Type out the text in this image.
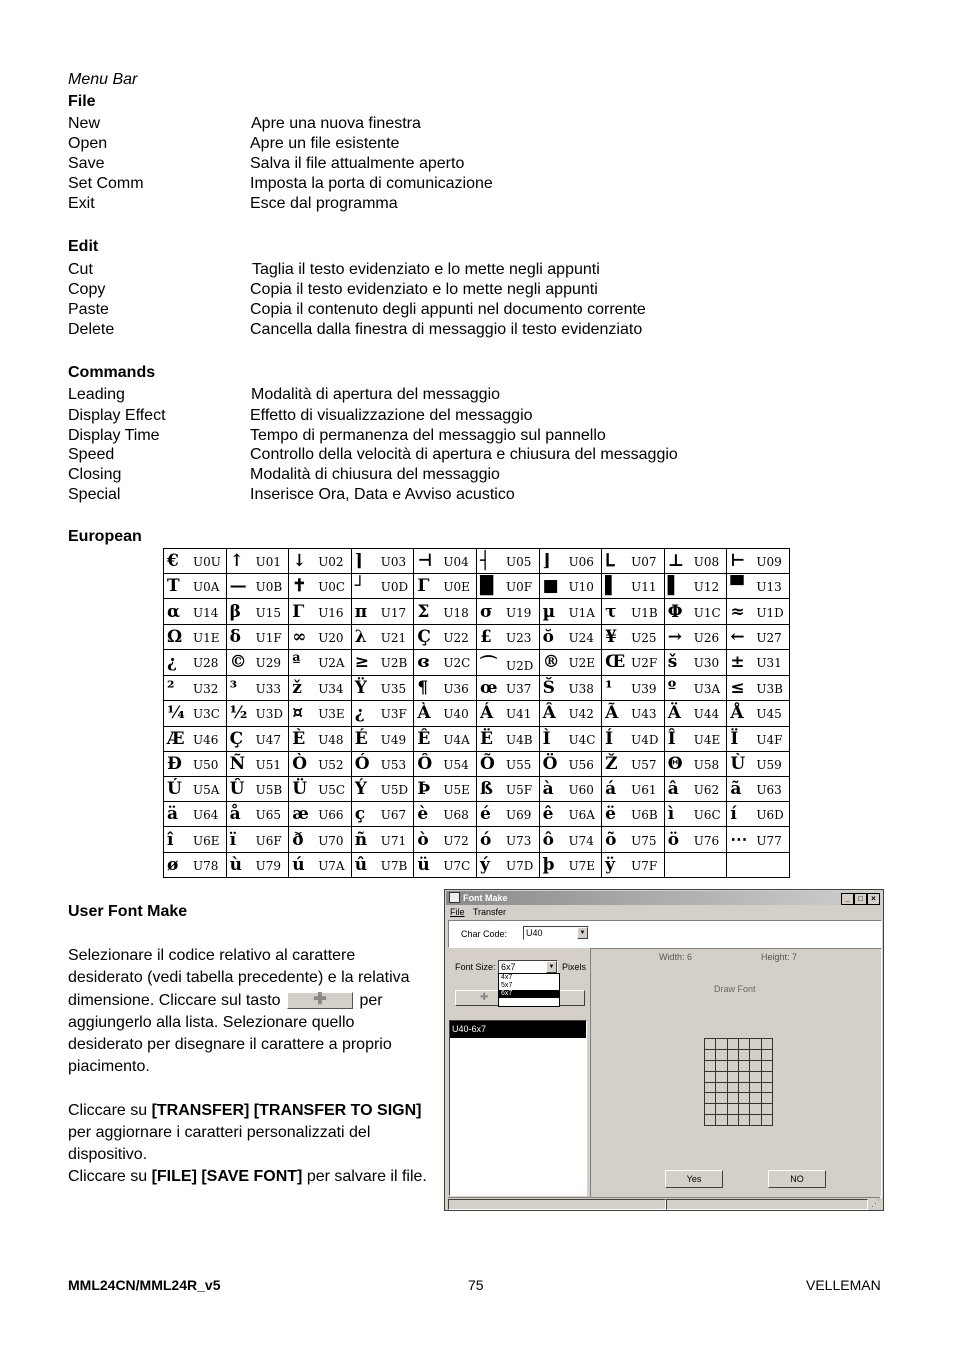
Menu Bar
File
New	Apre una nuova finestra
Open	Apre un file esistente
Save	Salva il file attualmente aperto
Set Comm	Imposta la porta di comunicazione
Exit	Esce dal programma
Edit
Cut	Taglia il testo evidenziato e lo mette negli appunti
Copy	Copia il testo evidenziato e lo mette negli appunti
Paste	Copia il contenuto degli appunti nel documento corrente
Delete	Cancella dalla finestra di messaggio il testo evidenziato
Commands
Leading	Modalità di apertura del messaggio
Display Effect	Effetto di visualizzazione del messaggio
Display Time	Tempo di permanenza del messaggio sul pannello
Speed	Controllo della velocità di apertura e chiusura del messaggio
Closing	Modalità di chiusura del messaggio
Special	Inserisce Ora, Data e Avviso acustico
European
€ U0U	↑ U01	↓ U02	⌉ U03	⊣ U04	┤ U05	⌋ U06	ᒪ U07	⊥ U08	⊢ U09
T U0A	— U0B	✝ U0C	┘ U0D	Γ U0E	█ U0F	■ U10	▌ U11	▌ U12	▀ U13
α U14	β U15	Γ U16	π U17	Σ U18	σ U19	µ U1A	τ U1B	Φ U1C	≈ U1D
Ω U1E	δ U1F	∞ U20	λ U21	Ç U22	£ U23	ŏ U24	¥ U25	→ U26	← U27
¿ U28	© U29	ª U2A	≥ U2B	ɞ U2C	⌒ U2D	® U2E	Œ U2F	š U30	± U31
² U32	³ U33	ž U34	Ÿ U35	¶ U36	œ U37	Š U38	¹ U39	º U3A	≤ U3B
¼ U3C	½ U3D	¤ U3E	¿ U3F	À U40	Á U41	Â U42	Ã U43	Ä U44	Å U45
Æ U46	Ç U47	È U48	É U49	Ê U4A	Ë U4B	Ì U4C	Í U4D	Î U4E	Ï U4F
Ð U50	Ñ U51	Ò U52	Ó U53	Ô U54	Õ U55	Ö U56	Ž U57	Θ U58	Ù U59
Ú U5A	Û U5B	Ü U5C	Ý U5D	Þ U5E	ß U5F	à U60	á U61	â U62	ã U63
ä U64	å U65	æ U66	ç U67	è U68	é U69	ê U6A	ë U6B	ì U6C	í U6D
î U6E	ï U6F	ð U70	ñ U71	ò U72	ó U73	ô U74	õ U75	ö U76	⋯ U77
ø U78	ù U79	ú U7A	û U7B	ü U7C	ý U7D	þ U7E	ÿ U7F		
User Font Make
Selezionare il codice relativo al carattere
desiderato (vedi tabella precedente) e la relativa
dimensione. Cliccare sul tasto ✚ per
aggiungerlo alla lista. Selezionare quello
desiderato per disegnare il carattere a proprio
piacimento.
Cliccare su [TRANSFER] [TRANSFER TO SIGN]
per aggiornare i caratteri personalizzati del
dispositivo.
Cliccare su [FILE] [SAVE FONT] per salvare il file.
Font Make	_	□	×
File Transfer
Char Code: U40	▼
Font Size: 6x7	▼ Pixels
✚
4x7
5x7
6x7
U40-6x7
Width: 6	Height: 7
Draw Font
Yes	NO
⋰
MML24CN/MML24R_v5	75	VELLEMAN
